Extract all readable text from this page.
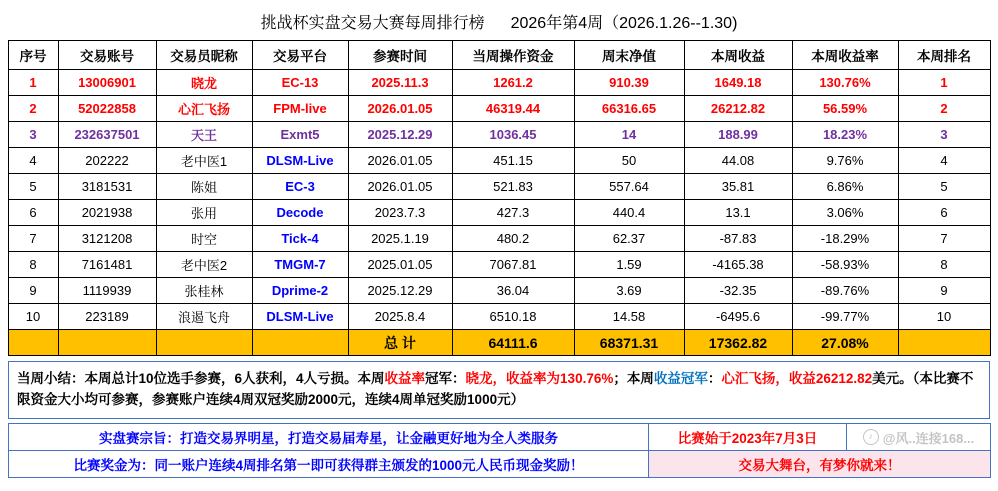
挑战杯实盘交易大赛每周排行榜 2026年第4周（2026.1.26--1.30)
序号	交易账号	交易员昵称	交易平台	参赛时间	当周操作资金	周末净值	本周收益	本周收益率	本周排名	
1	13006901	晓龙	EC-13	2025.11.3	1261.2	910.39	1649.18	130.76%	1	
2	52022858	心汇飞扬	FPM-live	2026.01.05	46319.44	66316.65	26212.82	56.59%	2	
3	232637501	天王	Exmt5	2025.12.29	1036.45	14	188.99	18.23%	3	
4	202222	老中医1	DLSM-Live	2026.01.05	451.15	50	44.08	9.76%	4	
5	3181531	陈姐	EC-3	2026.01.05	521.83	557.64	35.81	6.86%	5	
6	2021938	张用	Decode	2023.7.3	427.3	440.4	13.1	3.06%	6	
7	3121208	时空	Tick-4	2025.1.19	480.2	62.37	-87.83	-18.29%	7	
8	7161481	老中医2	TMGM-7	2025.01.05	7067.81	1.59	-4165.38	-58.93%	8	
9	1119939	张桂林	Dprime-2	2025.12.29	36.04	3.69	-32.35	-89.76%	9	
10	223189	浪遏飞舟	DLSM-Live	2025.8.4	6510.18	14.58	-6495.6	-99.77%	10	
				总 计	64111.6	68371.31	17362.82	27.08%		
当周小结：本周总计10位选手参赛，6人获利，4人亏损。本周收益率冠军：晓龙，收益率为130.76%；本周收益冠军：心汇飞扬，收益26212.82美元。（本比赛不限资金大小均可参赛，参赛账户连续4周双冠奖励2000元，连续4周单冠奖励1000元）
实盘赛宗旨：打造交易界明星，打造交易届寿星，让金融更好地为全人类服务	比赛始于2023年7月3日	♪ @风..连接168...

比赛奖金为：同一账户连续4周排名第一即可获得群主颁发的1000元人民币现金奖励！	交易大舞台，有梦你就来！	
